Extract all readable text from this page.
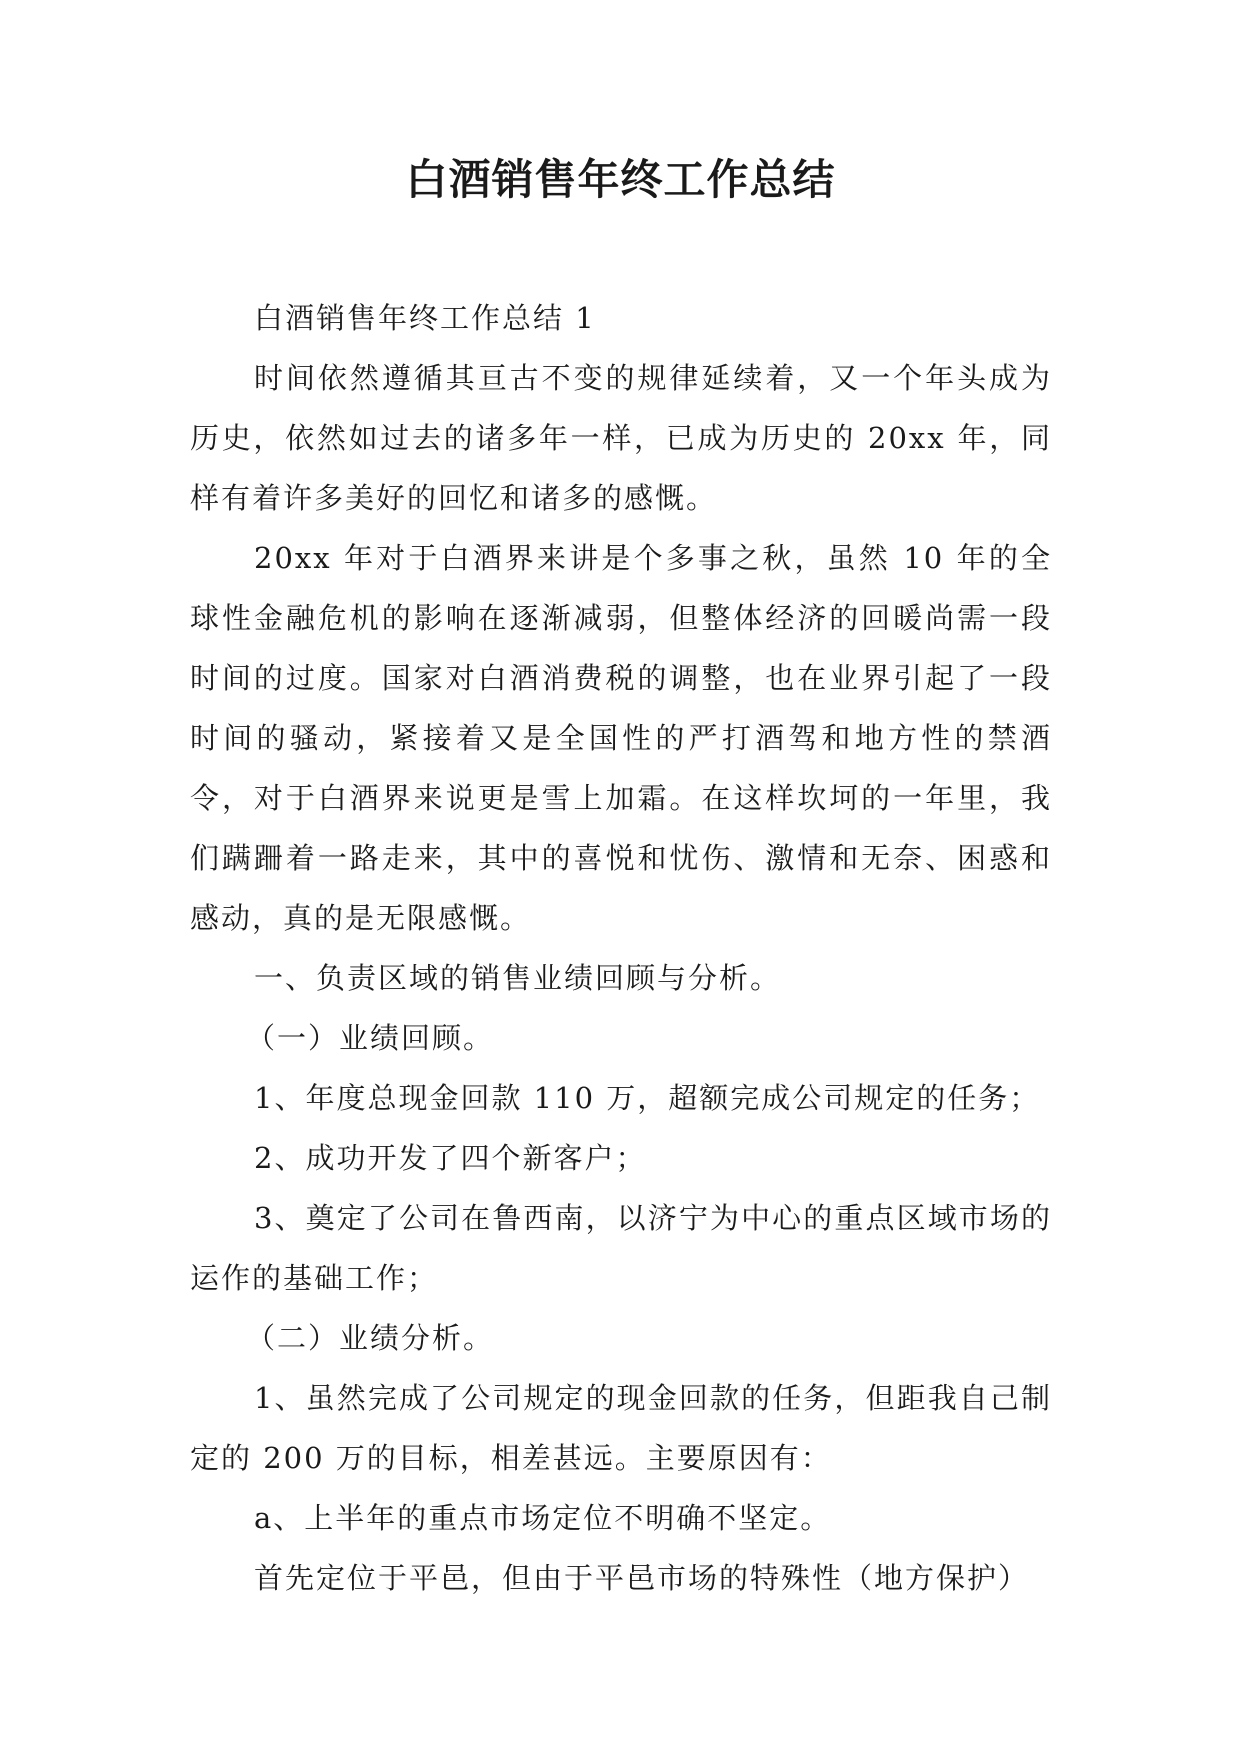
白酒销售年终工作总结

白酒销售年终工作总结 1

时间依然遵循其亘古不变的规律延续着，又一个年头成为历史，依然如过去的诸多年一样，已成为历史的 20xx 年，同样有着许多美好的回忆和诸多的感慨。

20xx 年对于白酒界来讲是个多事之秋，虽然 10 年的全球性金融危机的影响在逐渐减弱，但整体经济的回暖尚需一段时间的过度。国家对白酒消费税的调整，也在业界引起了一段时间的骚动，紧接着又是全国性的严打酒驾和地方性的禁酒令，对于白酒界来说更是雪上加霜。在这样坎坷的一年里，我们蹒跚着一路走来，其中的喜悦和忧伤、激情和无奈、困惑和感动，真的是无限感慨。

一、负责区域的销售业绩回顾与分析。

（一）业绩回顾。

1、年度总现金回款 110 万，超额完成公司规定的任务；

2、成功开发了四个新客户；

3、奠定了公司在鲁西南，以济宁为中心的重点区域市场的运作的基础工作；

（二）业绩分析。

1、虽然完成了公司规定的现金回款的任务，但距我自己制定的 200 万的目标，相差甚远。主要原因有：

a、上半年的重点市场定位不明确不坚定。

首先定位于平邑，但由于平邑市场的特殊性（地方保护）
